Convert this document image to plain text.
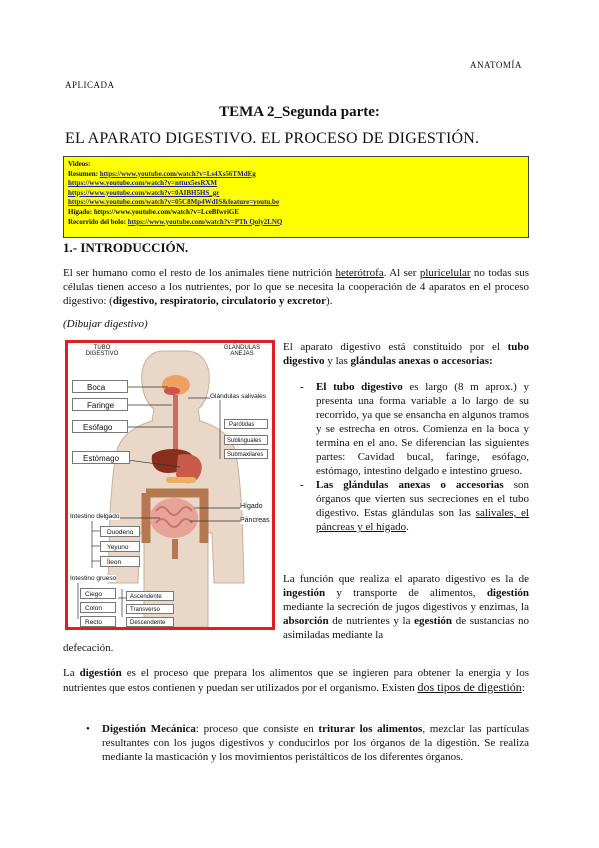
ANATOMÍA
APLICADA
TEMA 2_Segunda parte:
EL APARATO DIGESTIVO. EL PROCESO DE DIGESTIÓN.
Videos:
Resumen: https://www.youtube.com/watch?v=Ls4Xs56TMdEg
https://www.youtube.com/watch?v=nttux5esRXM
https://www.youtube.com/watch?v=0AIBH5HS_gr
https://www.youtube.com/watch?v=05C8Mp4WdIS&feature=youtu.be
Hígado: https://www.youtube.com/watch?v=LceBfwriGE
Recorrido del bolo: https://www.youtube.com/watch?v=PTh Qoly2LNQ
1.- INTRODUCCIÓN.
El ser humano como el resto de los animales tiene nutrición heterótrofa. Al ser pluricelular no todas sus células tienen acceso a los nutrientes, por lo que se necesita la cooperación de 4 aparatos en el proceso digestivo: (digestivo, respiratorio, circulatorio y excretor).
(Dibujar digestivo)
TUBO DIGESTIVO
GLÁNDULAS ANEJAS
Boca
Faringe
Esófago
Estómago
Intestino delgado
Duodeno
Yeyuno
Íleon
Intestino grueso
Ciego
Colon
Recto
Ascendente
Transverso
Descendente
Glándulas salivales
Parótidas
Sublinguales
Submaxilares
Hígado
Páncreas
El aparato digestivo está constituido por el tubo digestivo y las glándulas anexas o accesorias:
- El tubo digestivo es largo (8 m aprox.) y presenta una forma variable a lo largo de su recorrido, ya que se ensancha en algunos tramos y se estrecha en otros. Comienza en la boca y termina en el ano. Se diferencian las siguientes partes: Cavidad bucal, faringe, esófago, estómago, intestino delgado e intestino grueso.
- Las glándulas anexas o accesorias son órganos que vierten sus secreciones en el tubo digestivo. Estas glándulas son las salivales, el páncreas y el hígado.
La función que realiza el aparato digestivo es la de ingestión y transporte de alimentos, digestión mediante la secreción de jugos digestivos y enzimas, la absorción de nutrientes y la egestión de sustancias no asimiladas mediante la
defecación.
La digestión es el proceso que prepara los alimentos que se ingieren para obtener la energía y los nutrientes que estos contienen y puedan ser utilizados por el organismo. Existen dos tipos de digestión:
• Digestión Mecánica: proceso que consiste en triturar los alimentos, mezclar las partículas resultantes con los jugos digestivos y conducirlos por los órganos de la digestión. Se realiza mediante la masticación y los movimientos peristálticos de los diferentes órganos.
